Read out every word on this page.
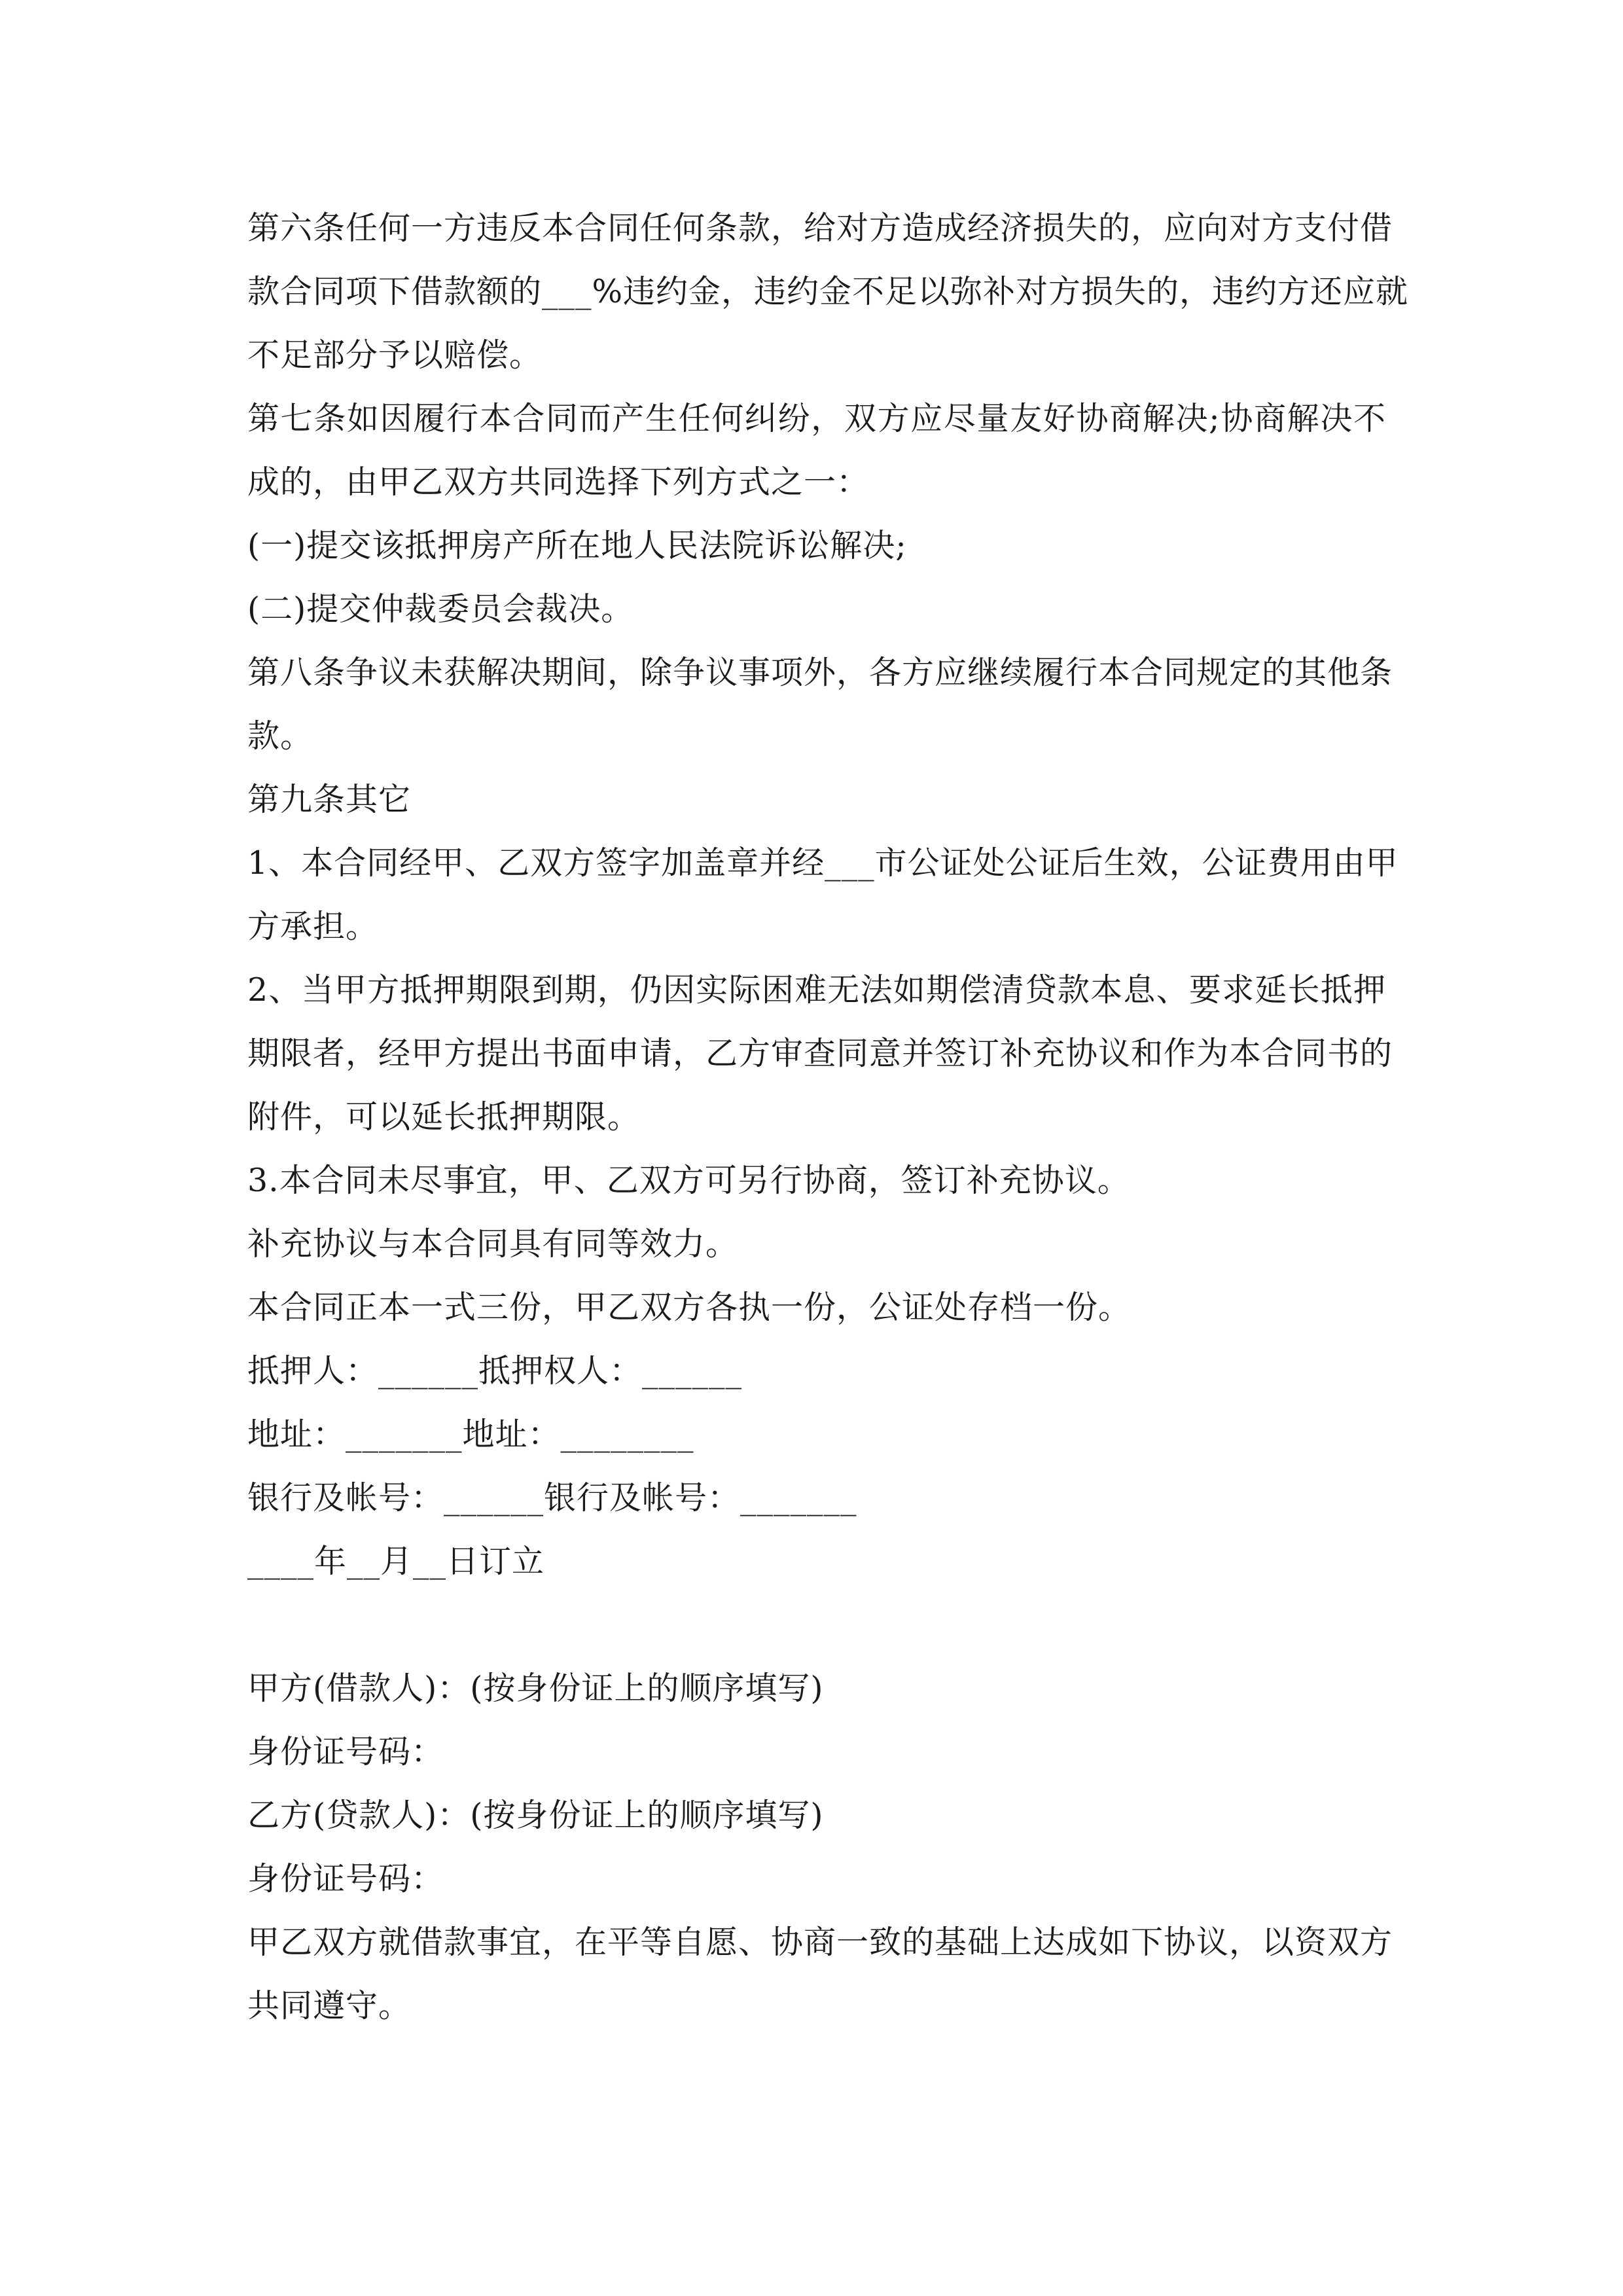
第六条任何一方违反本合同任何条款，给对方造成经济损失的，应向对方支付借
款合同项下借款额的___%违约金，违约金不足以弥补对方损失的，违约方还应就
不足部分予以赔偿。
第七条如因履行本合同而产生任何纠纷，双方应尽量友好协商解决;协商解决不
成的，由甲乙双方共同选择下列方式之一：
(一)提交该抵押房产所在地人民法院诉讼解决;
(二)提交仲裁委员会裁决。
第八条争议未获解决期间，除争议事项外，各方应继续履行本合同规定的其他条
款。
第九条其它
1、本合同经甲、乙双方签字加盖章并经___市公证处公证后生效，公证费用由甲
方承担。
2、当甲方抵押期限到期，仍因实际困难无法如期偿清贷款本息、要求延长抵押
期限者，经甲方提出书面申请，乙方审查同意并签订补充协议和作为本合同书的
附件，可以延长抵押期限。
3.本合同未尽事宜，甲、乙双方可另行协商，签订补充协议。
补充协议与本合同具有同等效力。
本合同正本一式三份，甲乙双方各执一份，公证处存档一份。
抵押人：______抵押权人：______
地址：_______地址：________
银行及帐号：______银行及帐号：_______
____年__月__日订立
甲方(借款人)：(按身份证上的顺序填写)
身份证号码：
乙方(贷款人)：(按身份证上的顺序填写)
身份证号码：
甲乙双方就借款事宜，在平等自愿、协商一致的基础上达成如下协议，以资双方
共同遵守。
